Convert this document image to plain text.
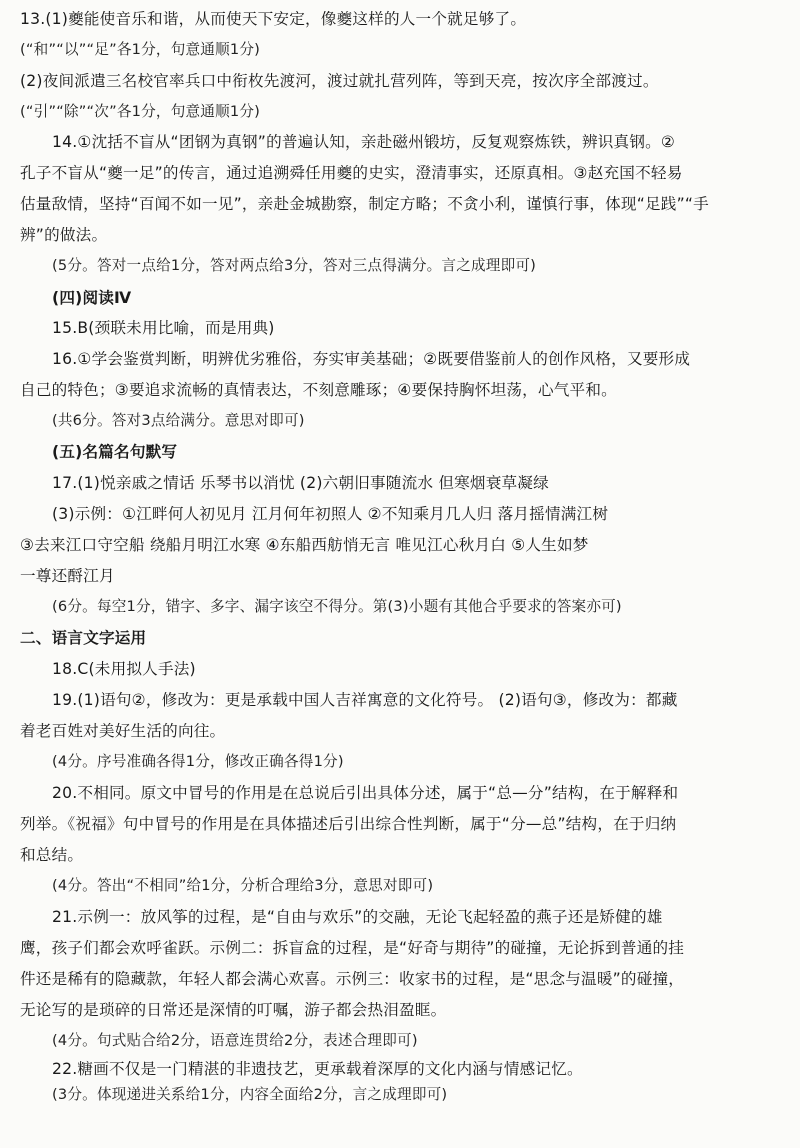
13.(1)夔能使音乐和谐，从而使天下安定，像夔这样的人一个就足够了。
(“和”“以”“足”各1分，句意通顺1分)
(2)夜间派遣三名校官率兵口中衔枚先渡河，渡过就扎营列阵，等到天亮，按次序全部渡过。
(“引”“除”“次”各1分，句意通顺1分)
14.①沈括不盲从“团钢为真钢”的普遍认知，亲赴磁州锻坊，反复观察炼铁，辨识真钢。②
孔子不盲从“夔一足”的传言，通过追溯舜任用夔的史实，澄清事实，还原真相。③赵充国不轻易
估量敌情，坚持“百闻不如一见”，亲赴金城勘察，制定方略；不贪小利，谨慎行事，体现“足践”“手
辨”的做法。
(5分。答对一点给1分，答对两点给3分，答对三点得满分。言之成理即可)
(四)阅读Ⅳ
15.B(颈联未用比喻，而是用典)
16.①学会鉴赏判断，明辨优劣雅俗，夯实审美基础；②既要借鉴前人的创作风格，又要形成
自己的特色；③要追求流畅的真情表达，不刻意雕琢；④要保持胸怀坦荡，心气平和。
(共6分。答对3点给满分。意思对即可)
(五)名篇名句默写
17.(1)悦亲戚之情话 乐琴书以消忧 (2)六朝旧事随流水 但寒烟衰草凝绿
(3)示例：①江畔何人初见月 江月何年初照人 ②不知乘月几人归 落月摇情满江树
③去来江口守空船 绕船月明江水寒 ④东船西舫悄无言 唯见江心秋月白 ⑤人生如梦
一尊还酹江月
(6分。每空1分，错字、多字、漏字该空不得分。第(3)小题有其他合乎要求的答案亦可)
二、语言文字运用
18.C(未用拟人手法)
19.(1)语句②，修改为：更是承载中国人吉祥寓意的文化符号。 (2)语句③，修改为：都藏
着老百姓对美好生活的向往。
(4分。序号准确各得1分，修改正确各得1分)
20.不相同。原文中冒号的作用是在总说后引出具体分述，属于“总—分”结构，在于解释和
列举。《祝福》句中冒号的作用是在具体描述后引出综合性判断，属于“分—总”结构，在于归纳
和总结。
(4分。答出“不相同”给1分，分析合理给3分，意思对即可)
21.示例一：放风筝的过程，是“自由与欢乐”的交融，无论飞起轻盈的燕子还是矫健的雄
鹰，孩子们都会欢呼雀跃。示例二：拆盲盒的过程，是“好奇与期待”的碰撞，无论拆到普通的挂
件还是稀有的隐藏款，年轻人都会满心欢喜。示例三：收家书的过程，是“思念与温暖”的碰撞，
无论写的是琐碎的日常还是深情的叮嘱，游子都会热泪盈眶。
(4分。句式贴合给2分，语意连贯给2分，表述合理即可)
22.糖画不仅是一门精湛的非遗技艺，更承载着深厚的文化内涵与情感记忆。
(3分。体现递进关系给1分，内容全面给2分，言之成理即可)
